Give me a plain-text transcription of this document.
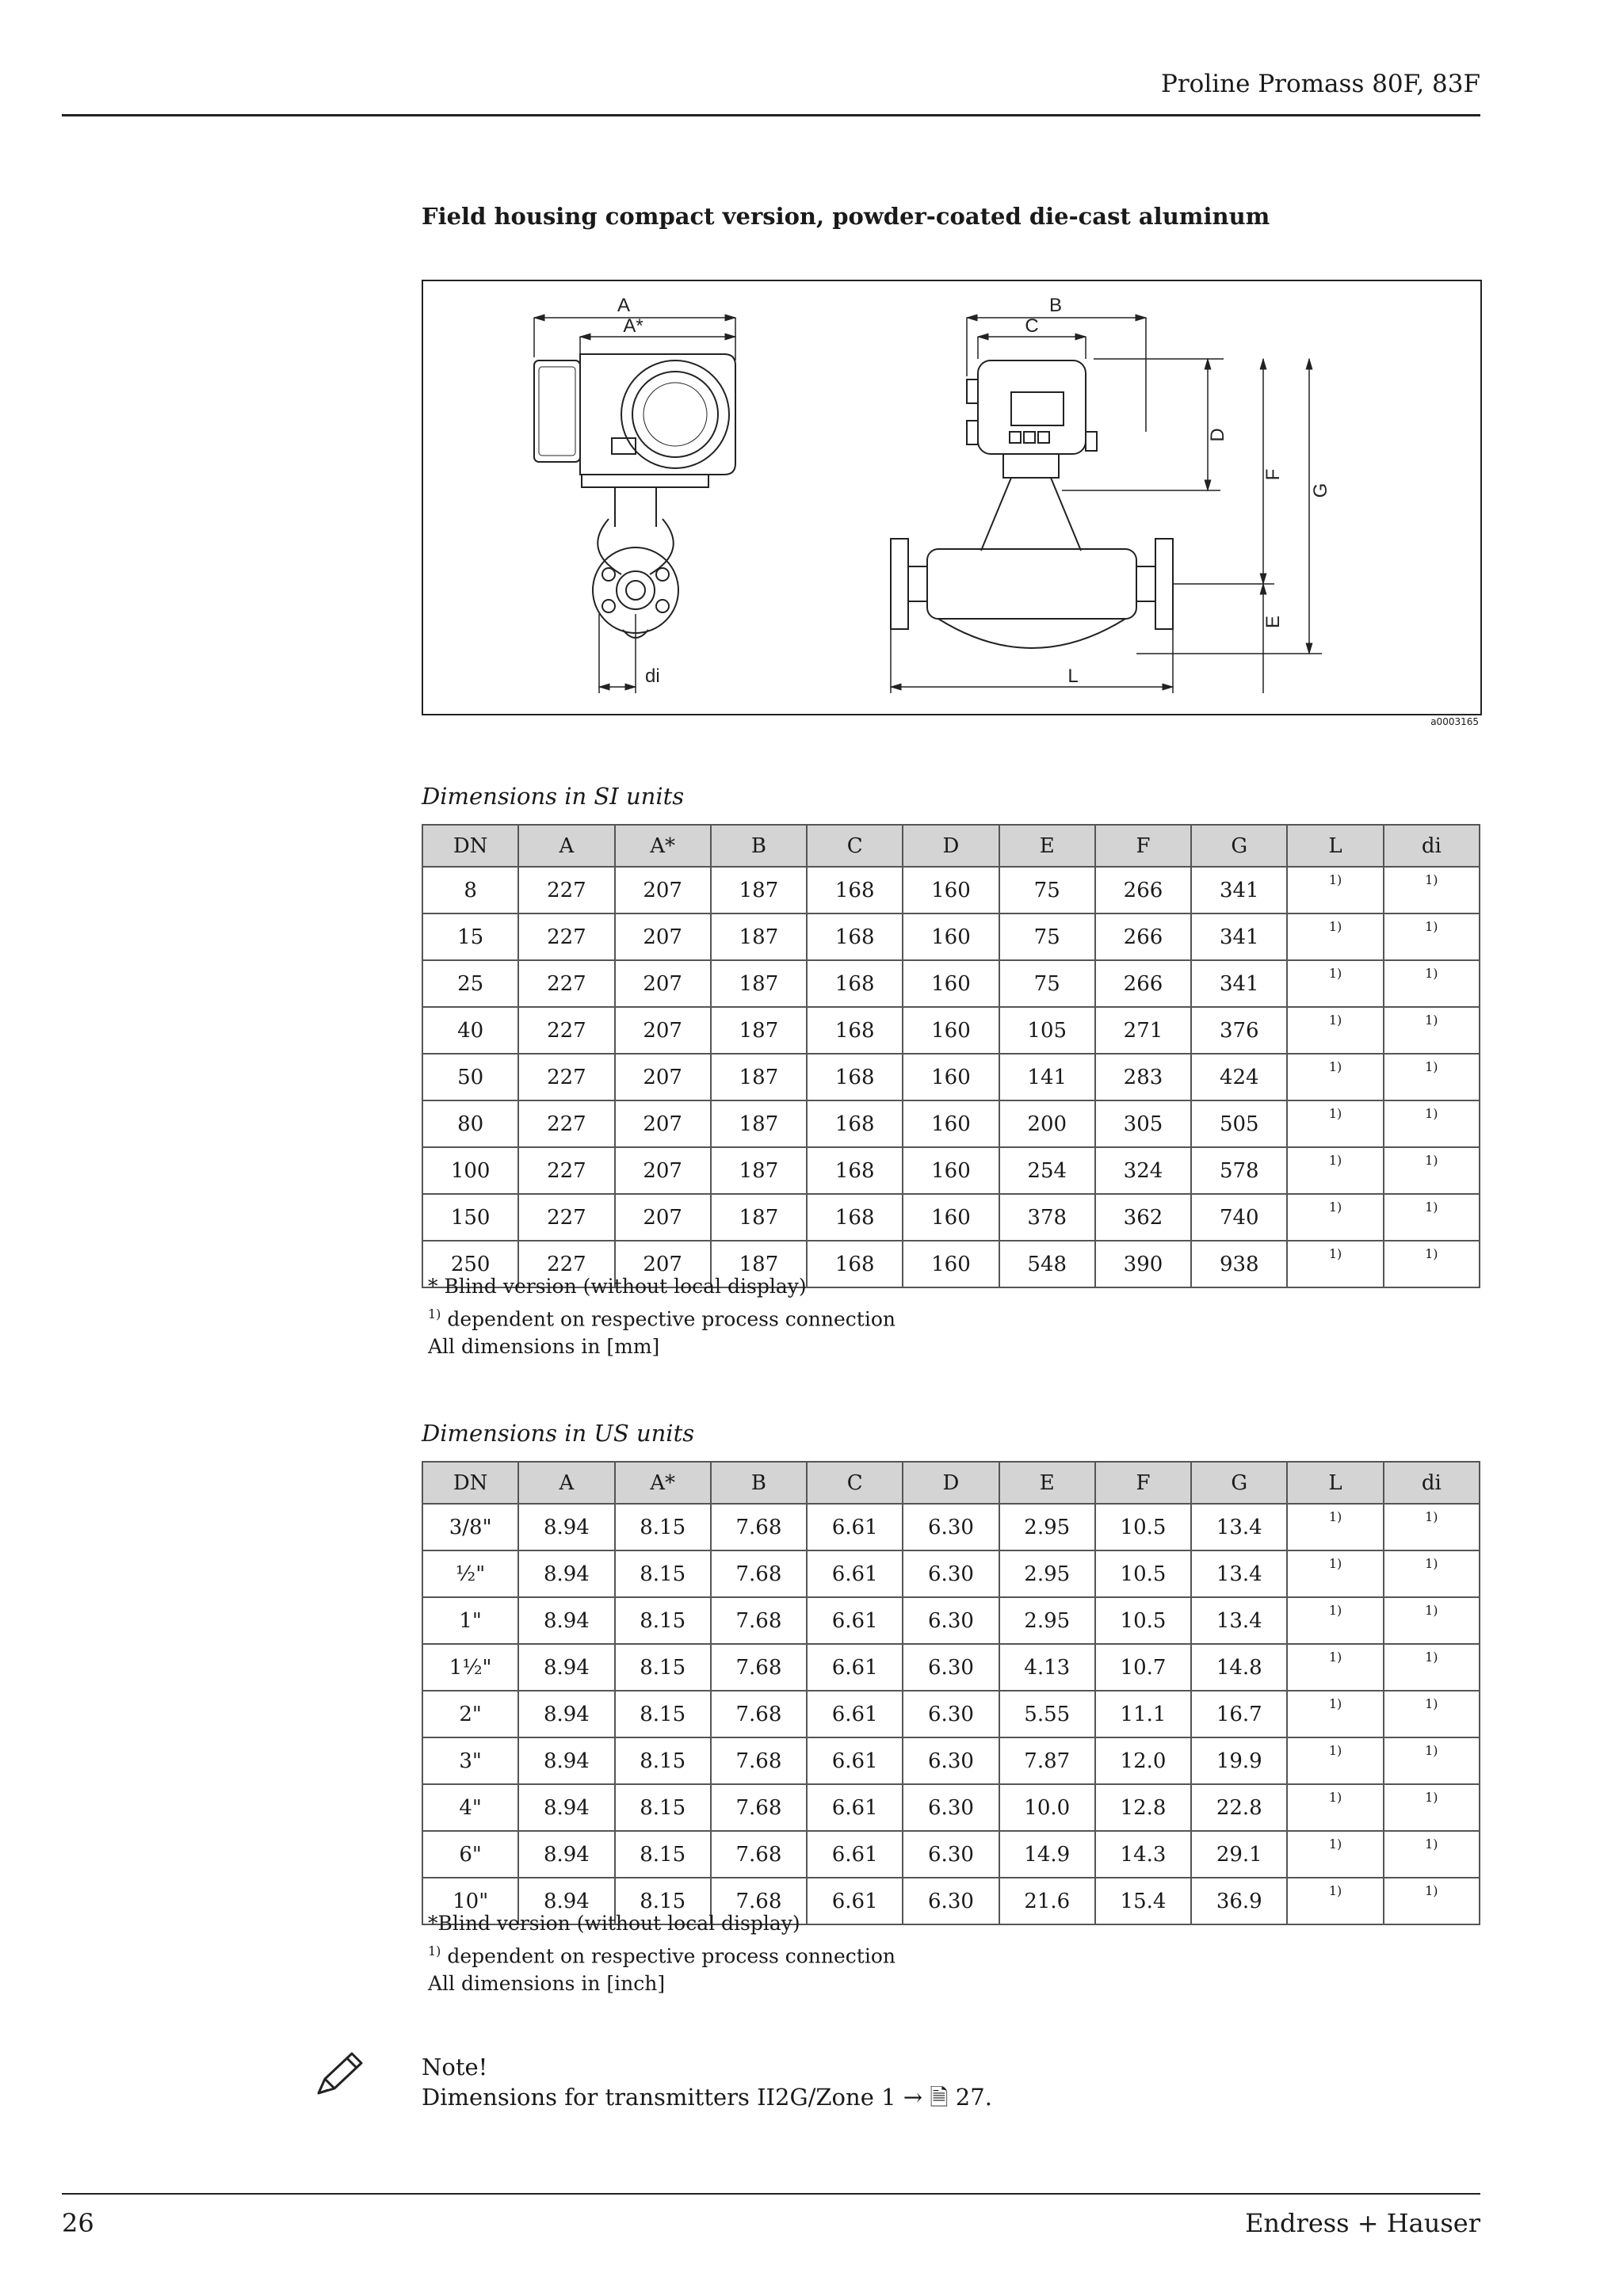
Proline Promass 80F, 83F
Field housing compact version, powder-coated die-cast aluminum
A
A*
B
C
D
F
G
E
L
di
a0003165
Dimensions in SI units
DN	A	A*	B	C	D	E	F	G	L	di
8	227	207	187	168	160	75	266	341	1)	1)
15	227	207	187	168	160	75	266	341	1)	1)
25	227	207	187	168	160	75	266	341	1)	1)
40	227	207	187	168	160	105	271	376	1)	1)
50	227	207	187	168	160	141	283	424	1)	1)
80	227	207	187	168	160	200	305	505	1)	1)
100	227	207	187	168	160	254	324	578	1)	1)
150	227	207	187	168	160	378	362	740	1)	1)
250	227	207	187	168	160	548	390	938	1)	1)
* Blind version (without local display)
$^{1)}$ dependent on respective process connection
All dimensions in [mm]
Dimensions in US units
DN	A	A*	B	C	D	E	F	G	L	di
3/8"	8.94	8.15	7.68	6.61	6.30	2.95	10.5	13.4	1)	1)
½"	8.94	8.15	7.68	6.61	6.30	2.95	10.5	13.4	1)	1)
1"	8.94	8.15	7.68	6.61	6.30	2.95	10.5	13.4	1)	1)
1½"	8.94	8.15	7.68	6.61	6.30	4.13	10.7	14.8	1)	1)
2"	8.94	8.15	7.68	6.61	6.30	5.55	11.1	16.7	1)	1)
3"	8.94	8.15	7.68	6.61	6.30	7.87	12.0	19.9	1)	1)
4"	8.94	8.15	7.68	6.61	6.30	10.0	12.8	22.8	1)	1)
6"	8.94	8.15	7.68	6.61	6.30	14.9	14.3	29.1	1)	1)
10"	8.94	8.15	7.68	6.61	6.30	21.6	15.4	36.9	1)	1)
*Blind version (without local display)
$^{1)}$ dependent on respective process connection
All dimensions in [inch]
Note!
Dimensions for transmitters II2G/Zone 1 → 🗎 27.
26	Endress + Hauser
